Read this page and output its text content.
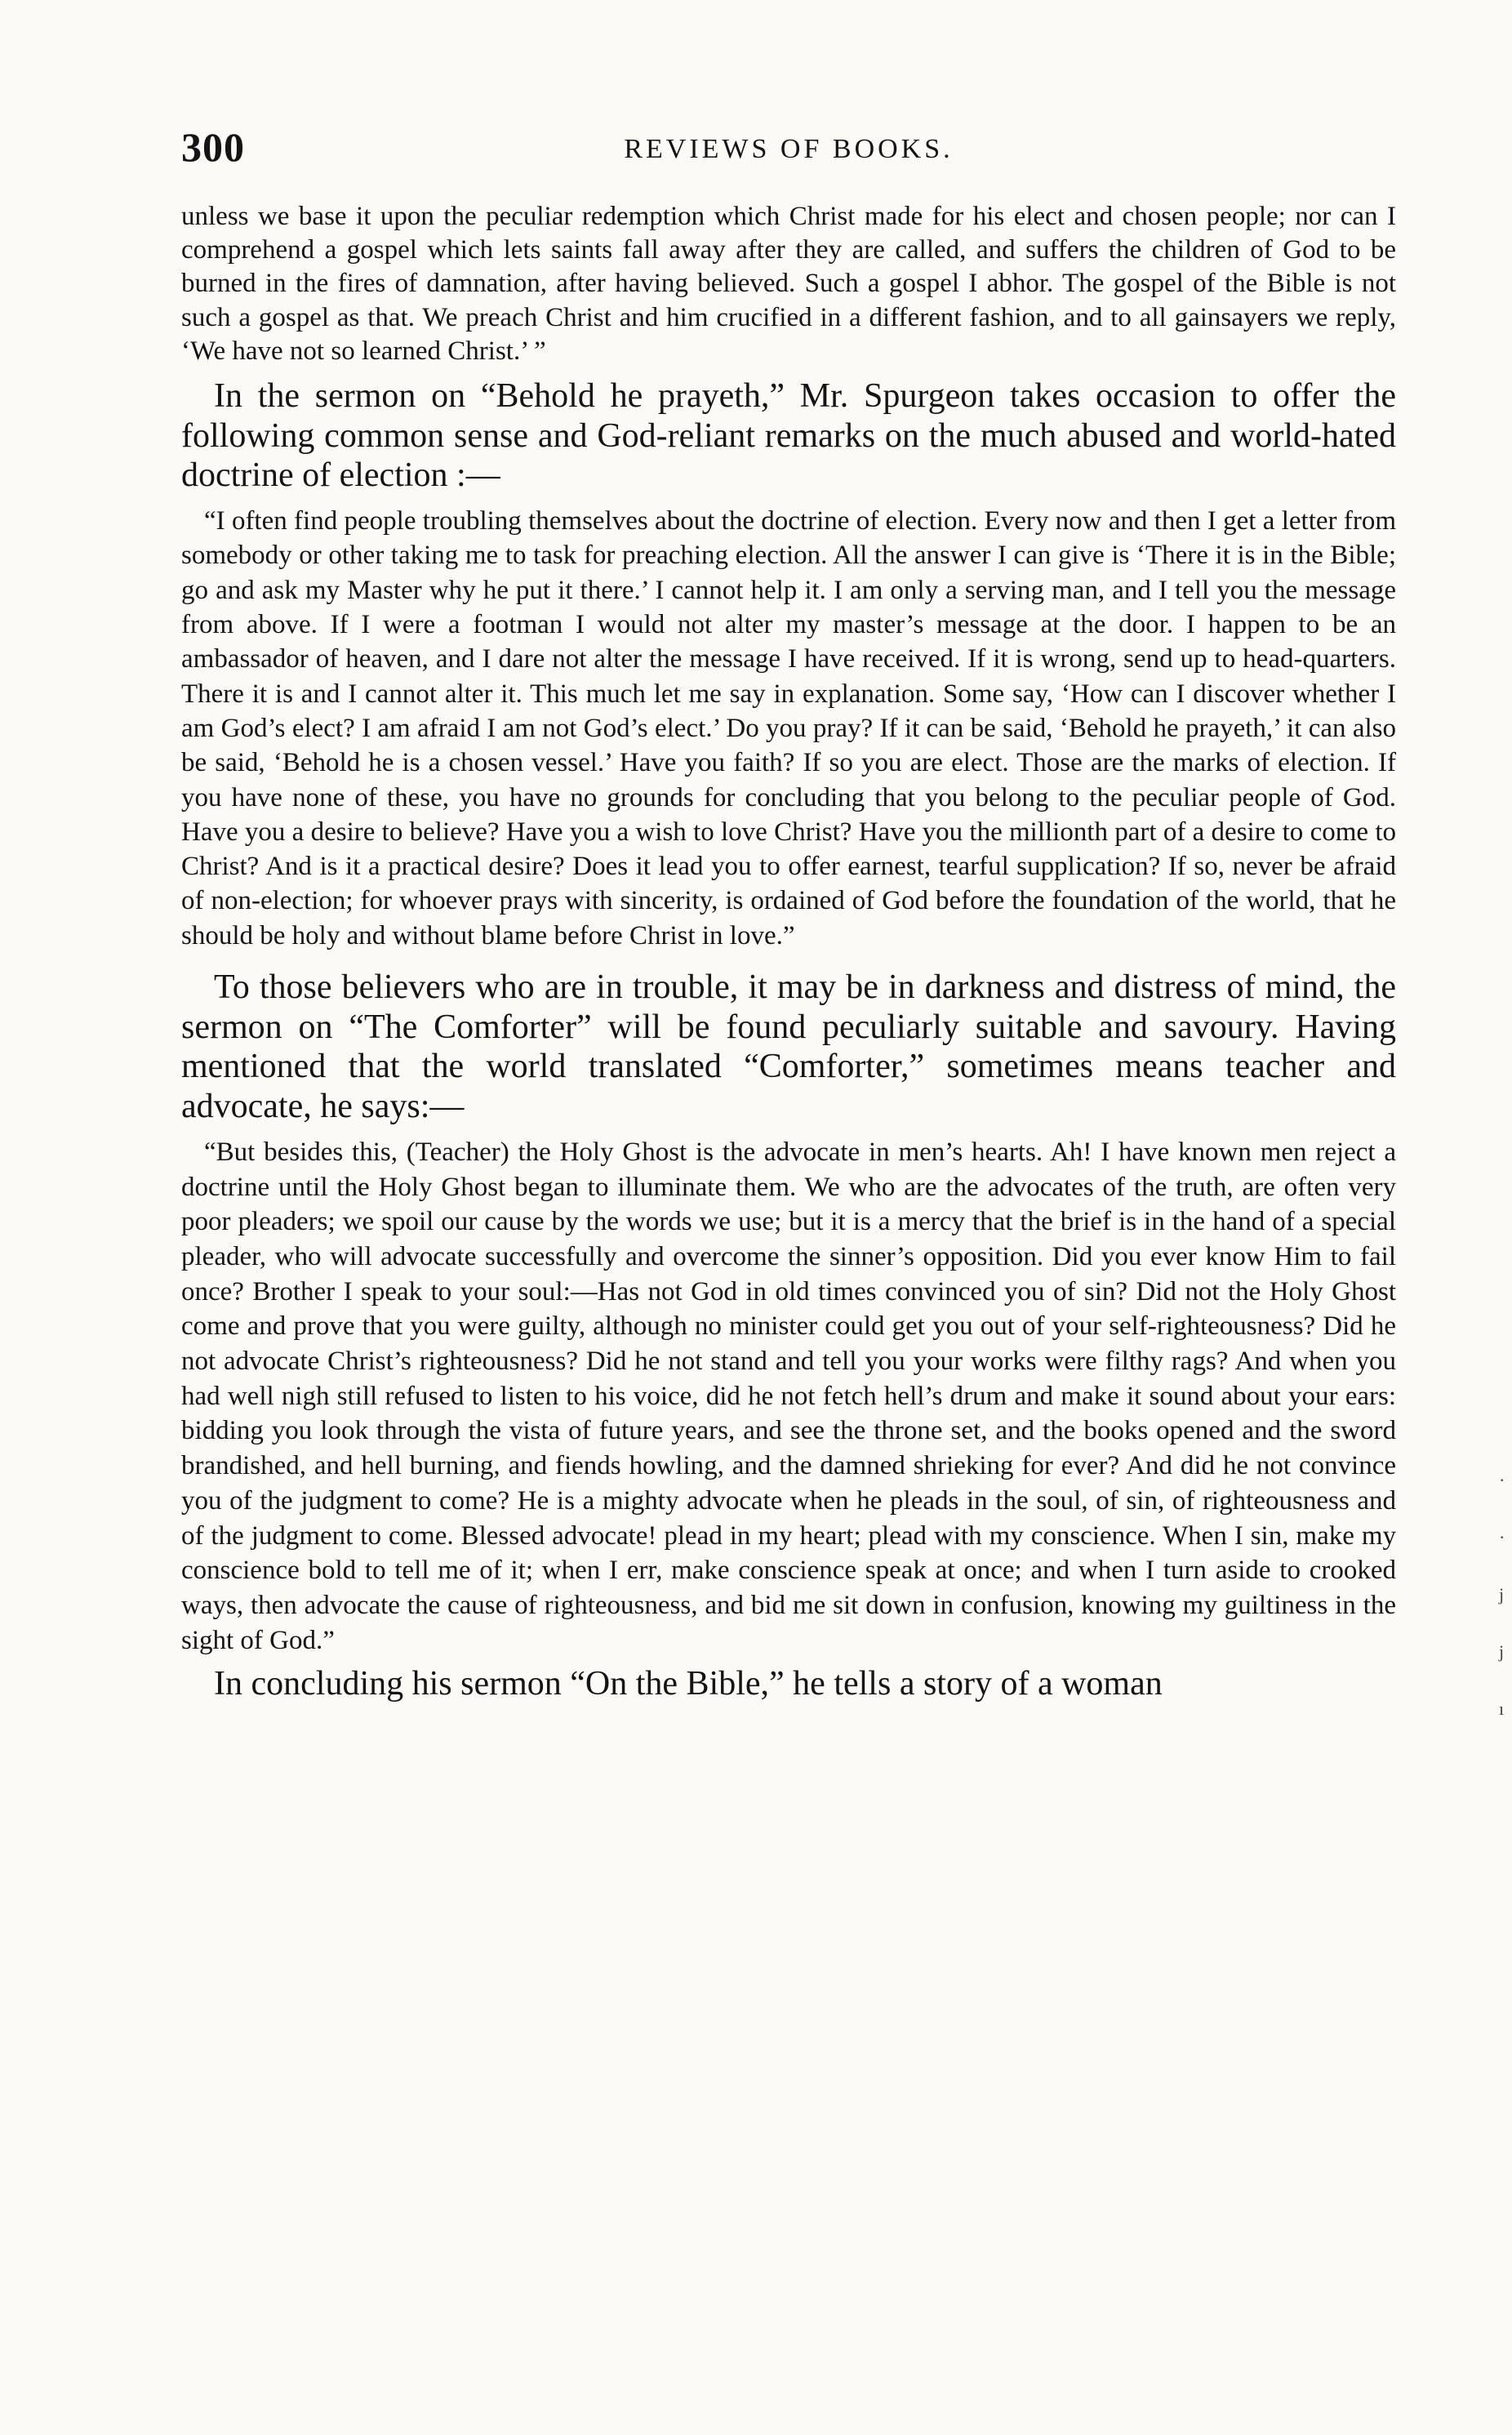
300	REVIEWS OF BOOKS.

unless we base it upon the peculiar redemption which Christ made for his elect and chosen people; nor can I comprehend a gospel which lets saints fall away after they are called, and suffers the children of God to be burned in the fires of damnation, after having believed. Such a gospel I abhor. The gospel of the Bible is not such a gospel as that. We preach Christ and him crucified in a different fashion, and to all gainsayers we reply, ‘We have not so learned Christ.’ ”

In the sermon on “Behold he prayeth,” Mr. Spurgeon takes occasion to offer the following common sense and God-reliant remarks on the much abused and world-hated doctrine of election :—

“I often find people troubling themselves about the doctrine of election. Every now and then I get a letter from somebody or other taking me to task for preaching election. All the answer I can give is ‘There it is in the Bible; go and ask my Master why he put it there.’ I cannot help it. I am only a serving man, and I tell you the message from above. If I were a footman I would not alter my master’s message at the door. I happen to be an ambassador of heaven, and I dare not alter the message I have received. If it is wrong, send up to head-quarters. There it is and I cannot alter it. This much let me say in explanation. Some say, ‘How can I discover whether I am God’s elect? I am afraid I am not God’s elect.’ Do you pray? If it can be said, ‘Behold he prayeth,’ it can also be said, ‘Behold he is a chosen vessel.’ Have you faith? If so you are elect. Those are the marks of election. If you have none of these, you have no grounds for concluding that you belong to the peculiar people of God. Have you a desire to believe? Have you a wish to love Christ? Have you the millionth part of a desire to come to Christ? And is it a practical desire? Does it lead you to offer earnest, tearful supplication? If so, never be afraid of non-election; for whoever prays with sincerity, is ordained of God before the foundation of the world, that he should be holy and without blame before Christ in love.”

To those believers who are in trouble, it may be in darkness and distress of mind, the sermon on “The Comforter” will be found peculiarly suitable and savoury. Having mentioned that the world translated “Comforter,” sometimes means teacher and advocate, he says:—

“But besides this, (Teacher) the Holy Ghost is the advocate in men’s hearts. Ah! I have known men reject a doctrine until the Holy Ghost began to illuminate them. We who are the advocates of the truth, are often very poor pleaders; we spoil our cause by the words we use; but it is a mercy that the brief is in the hand of a special pleader, who will advocate successfully and overcome the sinner’s opposition. Did you ever know Him to fail once? Brother I speak to your soul:—Has not God in old times convinced you of sin? Did not the Holy Ghost come and prove that you were guilty, although no minister could get you out of your self-righteousness? Did he not advocate Christ’s righteousness? Did he not stand and tell you your works were filthy rags? And when you had well nigh still refused to listen to his voice, did he not fetch hell’s drum and make it sound about your ears: bidding you look through the vista of future years, and see the throne set, and the books opened and the sword brandished, and hell burning, and fiends howling, and the damned shrieking for ever? And did he not convince you of the judgment to come? He is a mighty advocate when he pleads in the soul, of sin, of righteousness and of the judgment to come. Blessed advocate! plead in my heart; plead with my conscience. When I sin, make my conscience bold to tell me of it; when I err, make conscience speak at once; and when I turn aside to crooked ways, then advocate the cause of righteousness, and bid me sit down in confusion, knowing my guiltiness in the sight of God.”

In concluding his sermon “On the Bible,” he tells a story of a woman

·
·
j
j
ı
